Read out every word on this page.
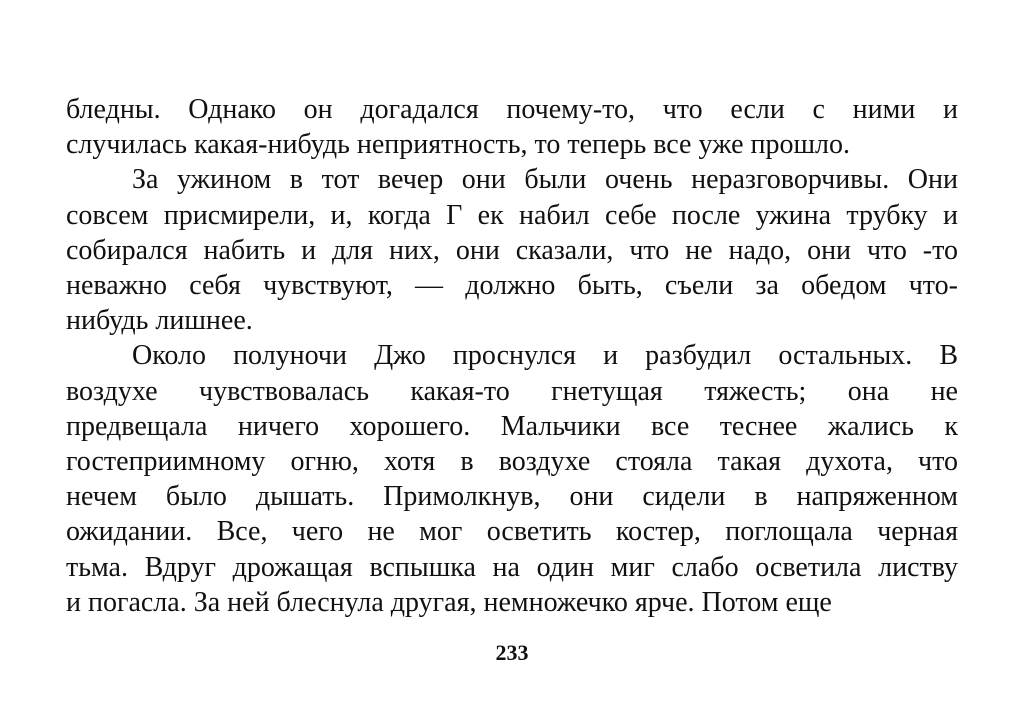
бледны. Однако он догадался почему-то, что если с ними и
случилась какая-нибудь неприятность, то теперь все уже прошло.
За ужином в тот вечер они были очень неразговорчивы. Они
совсем присмирели, и, когда Г ек набил себе после ужина трубку и
собирался набить и для них, они сказали, что не надо, они что -то
неважно себя чувствуют, — должно быть, съели за обедом что-
нибудь лишнее.
Около полуночи Джо проснулся и разбудил остальных. В
воздухе чувствовалась какая-то гнетущая тяжесть; она не
предвещала ничего хорошего. Мальчики все теснее жались к
гостеприимному огню, хотя в воздухе стояла такая духота, что
нечем было дышать. Примолкнув, они сидели в напряженном
ожидании. Все, чего не мог осветить костер, поглощала черная
тьма. Вдруг дрожащая вспышка на один миг слабо осветила листву
и погасла. За ней блеснула другая, немножечко ярче. Потом еще
233
